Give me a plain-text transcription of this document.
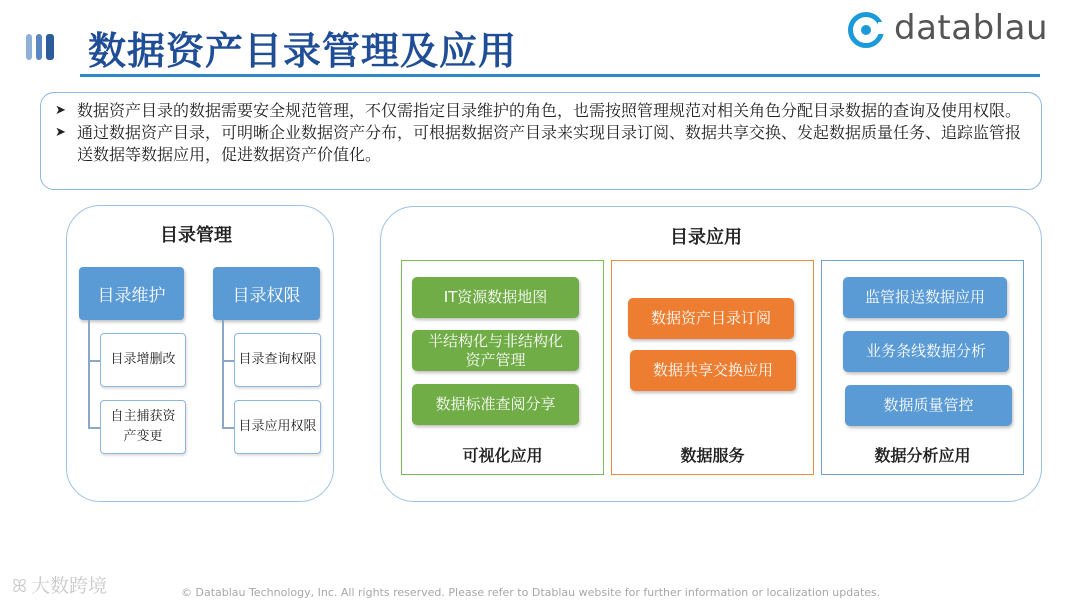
数据资产目录管理及应用
datablau
➤ 数据资产目录的数据需要安全规范管理，不仅需指定目录维护的角色，也需按照管理规范对相关角色分配目录数据的查询及使用权限。
➤ 通过数据资产目录，可明晰企业数据资产分布，可根据数据资产目录来实现目录订阅、数据共享交换、发起数据质量任务、追踪监管报送数据等数据应用，促进数据资产价值化。
目录管理
目录维护	目录权限
目录增删改
自主捕获资产变更
目录查询权限
目录应用权限
目录应用
可视化应用	数据服务	数据分析应用
IT资源数据地图
半结构化与非结构化资产管理
数据标准查阅分享
数据资产目录订阅
数据共享交换应用
监管报送数据应用
业务条线数据分析
数据质量管控
ꕤ 大数跨境	© Datablau Technology, Inc. All rights reserved. Please refer to Dtablau website for further information or localization updates.
